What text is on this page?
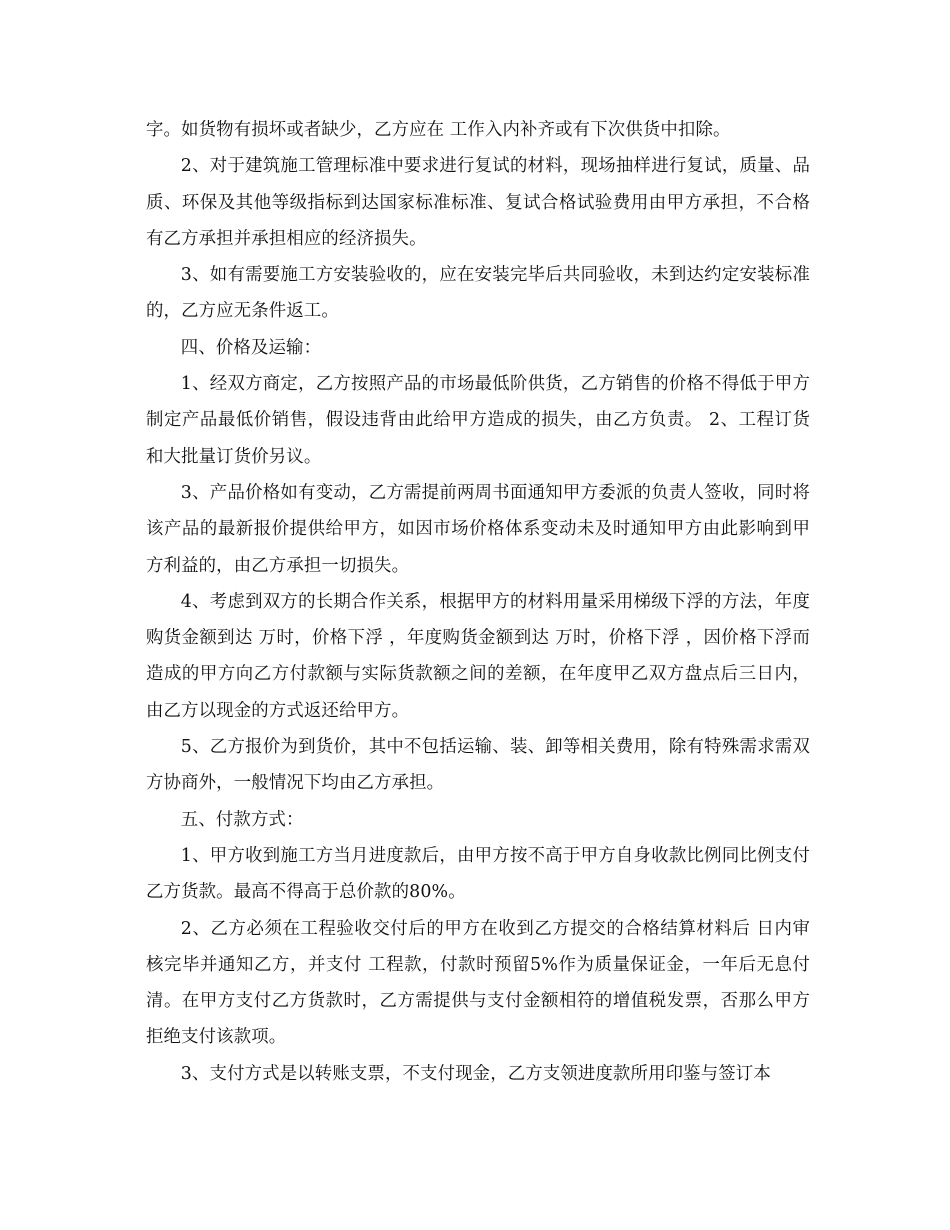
字。如货物有损坏或者缺少，乙方应在 工作入内补齐或有下次供货中扣除。

2、对于建筑施工管理标准中要求进行复试的材料，现场抽样进行复试，质量、品质、环保及其他等级指标到达国家标准标准、复试合格试验费用由甲方承担，不合格有乙方承担并承担相应的经济损失。

3、如有需要施工方安装验收的，应在安装完毕后共同验收，未到达约定安装标准的，乙方应无条件返工。

四、价格及运输：

1、经双方商定，乙方按照产品的市场最低阶供货，乙方销售的价格不得低于甲方制定产品最低价销售，假设违背由此给甲方造成的损失，由乙方负责。 2、工程订货和大批量订货价另议。

3、产品价格如有变动，乙方需提前两周书面通知甲方委派的负责人签收，同时将该产品的最新报价提供给甲方，如因市场价格体系变动未及时通知甲方由此影响到甲方利益的，由乙方承担一切损失。

4、考虑到双方的长期合作关系，根据甲方的材料用量采用梯级下浮的方法，年度购货金额到达 万时，价格下浮 ，年度购货金额到达 万时，价格下浮 ，因价格下浮而造成的甲方向乙方付款额与实际货款额之间的差额，在年度甲乙双方盘点后三日内，由乙方以现金的方式返还给甲方。

5、乙方报价为到货价，其中不包括运输、装、卸等相关费用，除有特殊需求需双方协商外，一般情况下均由乙方承担。

五、付款方式：

1、甲方收到施工方当月进度款后，由甲方按不高于甲方自身收款比例同比例支付乙方货款。最高不得高于总价款的80%。

2、乙方必须在工程验收交付后的甲方在收到乙方提交的合格结算材料后 日内审核完毕并通知乙方，并支付 工程款，付款时预留5%作为质量保证金，一年后无息付清。在甲方支付乙方货款时，乙方需提供与支付金额相符的增值税发票，否那么甲方拒绝支付该款项。

3、支付方式是以转账支票，不支付现金，乙方支领进度款所用印鉴与签订本
